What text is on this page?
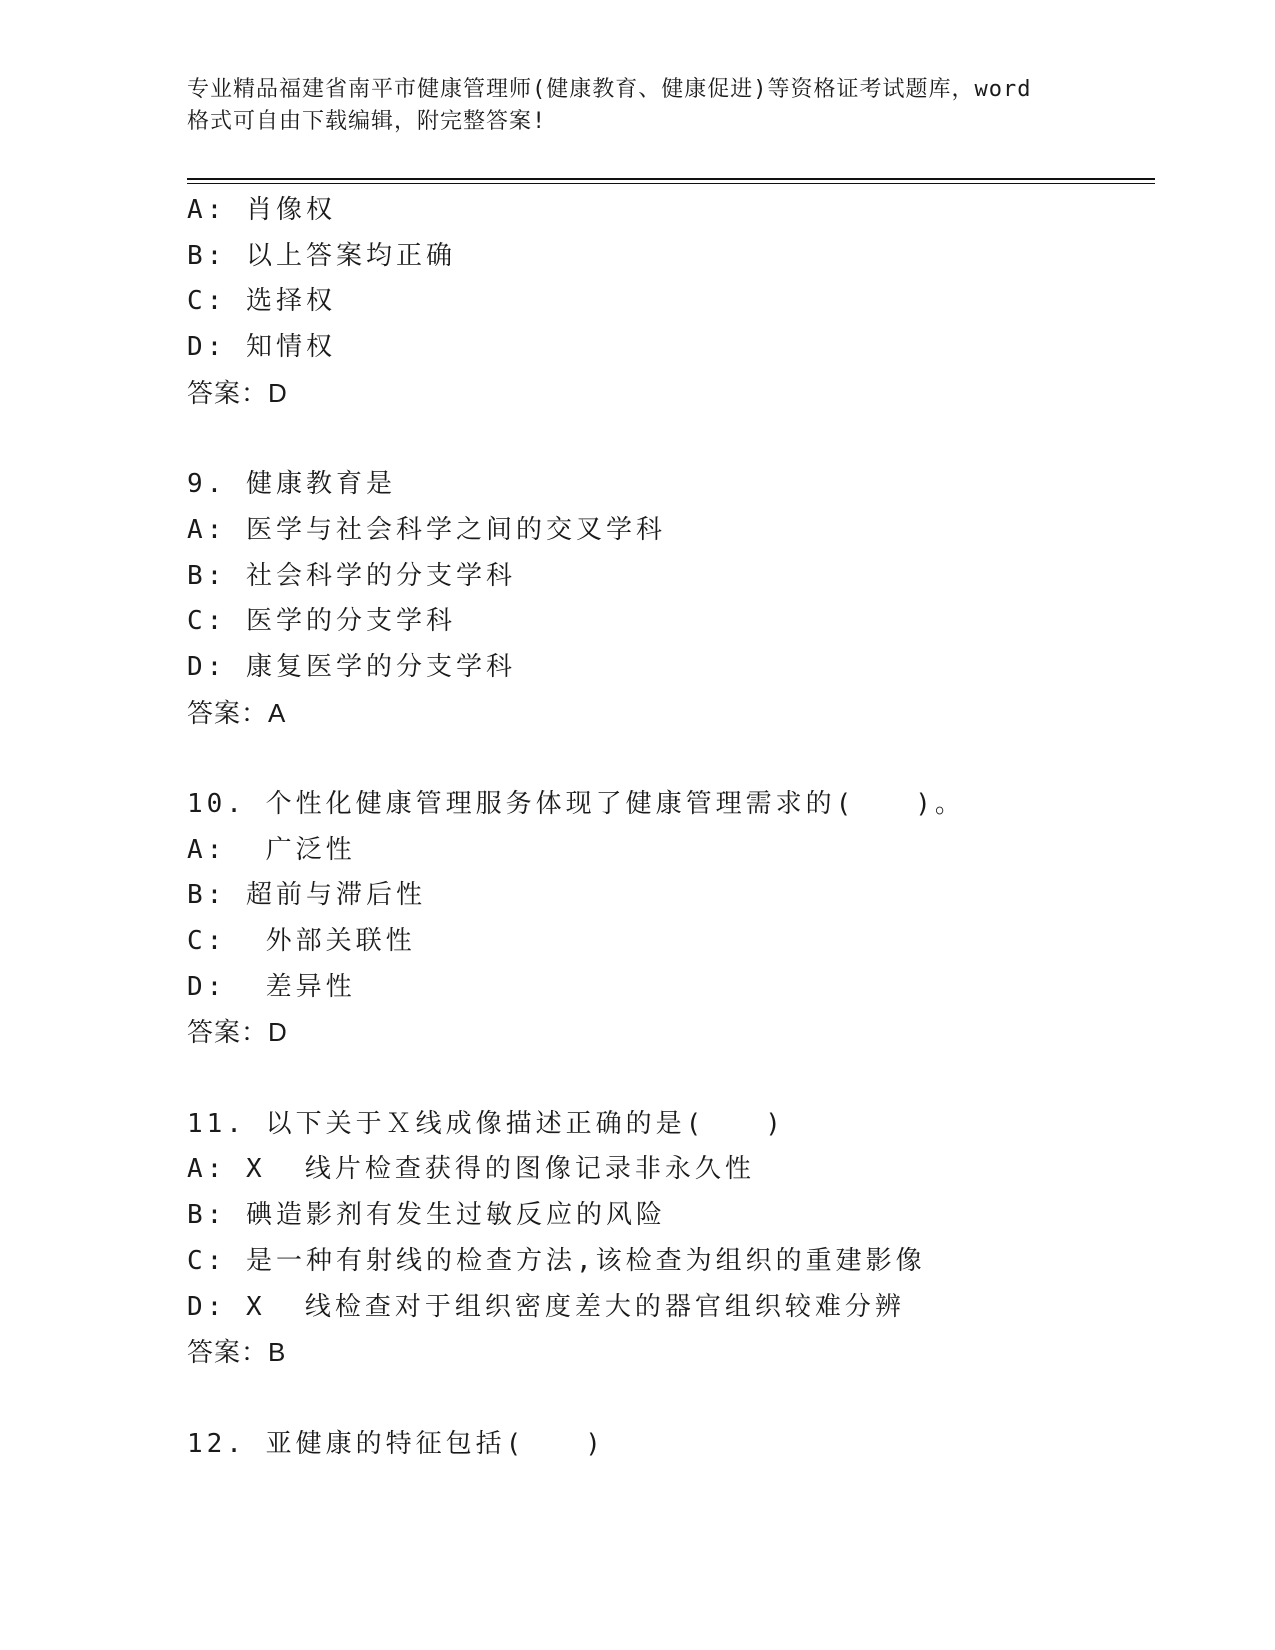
专业精品福建省南平市健康管理师(健康教育、健康促进)等资格证考试题库，word
格式可自由下载编辑，附完整答案!
A: 肖像权
B: 以上答案均正确
C: 选择权
D: 知情权
答案：D
9. 健康教育是
A: 医学与社会科学之间的交叉学科
B: 社会科学的分支学科
C: 医学的分支学科
D: 康复医学的分支学科
答案：A
10. 个性化健康管理服务体现了健康管理需求的(　　)。
A:  广泛性
B: 超前与滞后性
C:  外部关联性
D:  差异性
答案：D
11. 以下关于Ｘ线成像描述正确的是(　　)
A: X  线片检查获得的图像记录非永久性
B: 碘造影剂有发生过敏反应的风险
C: 是一种有射线的检查方法,该检查为组织的重建影像
D: X  线检查对于组织密度差大的器官组织较难分辨
答案：B
12. 亚健康的特征包括(　　)
